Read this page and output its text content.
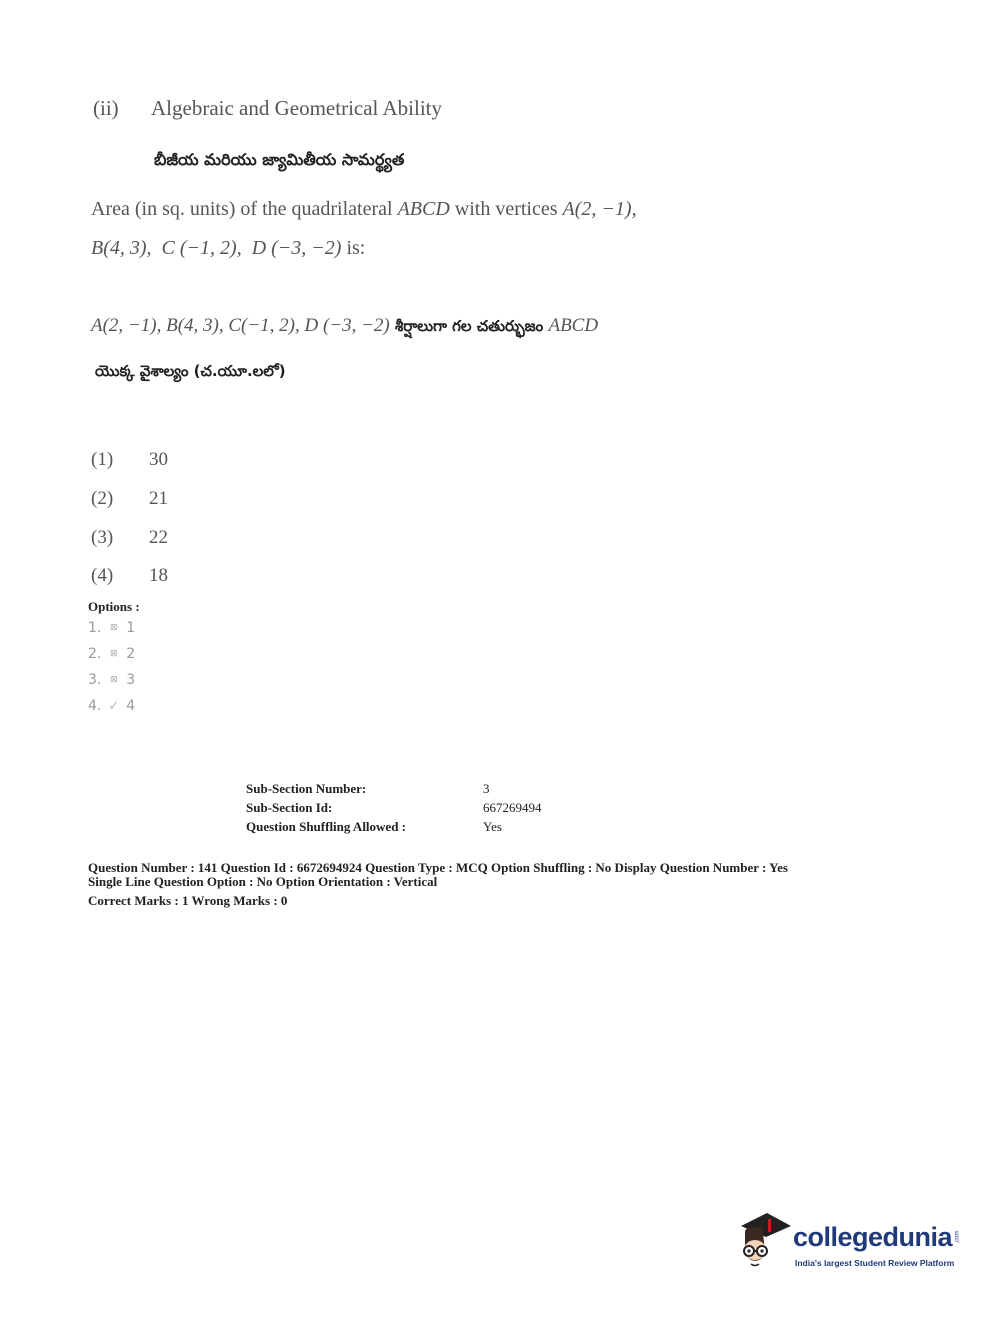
(ii) Algebraic and Geometrical Ability
బీజీయ మరియు జ్యామితీయ సామర్థ్యత
Area (in sq. units) of the quadrilateral ABCD with vertices A(2, −1),
B(4, 3), C (−1, 2), D (−3, −2) is:
A(2, −1), B(4, 3), C(−1, 2), D (−3, −2) శీర్షాలుగా గల చతుర్భుజం ABCD
యొక్క వైశాల్యం (చ.యూ.లలో)
(1) 30
(2) 21
(3) 22
(4) 18
Options :
1. ⊠ 1
2. ⊠ 2
3. ⊠ 3
4. ✓ 4
Sub-Section Number:	3
Sub-Section Id:	667269494
Question Shuffling Allowed :	Yes
Question Number : 141 Question Id : 6672694924 Question Type : MCQ Option Shuffling : No Display Question Number : Yes
Single Line Question Option : No Option Orientation : Vertical
Correct Marks : 1 Wrong Marks : 0
collegedunia .com
India's largest Student Review Platform
